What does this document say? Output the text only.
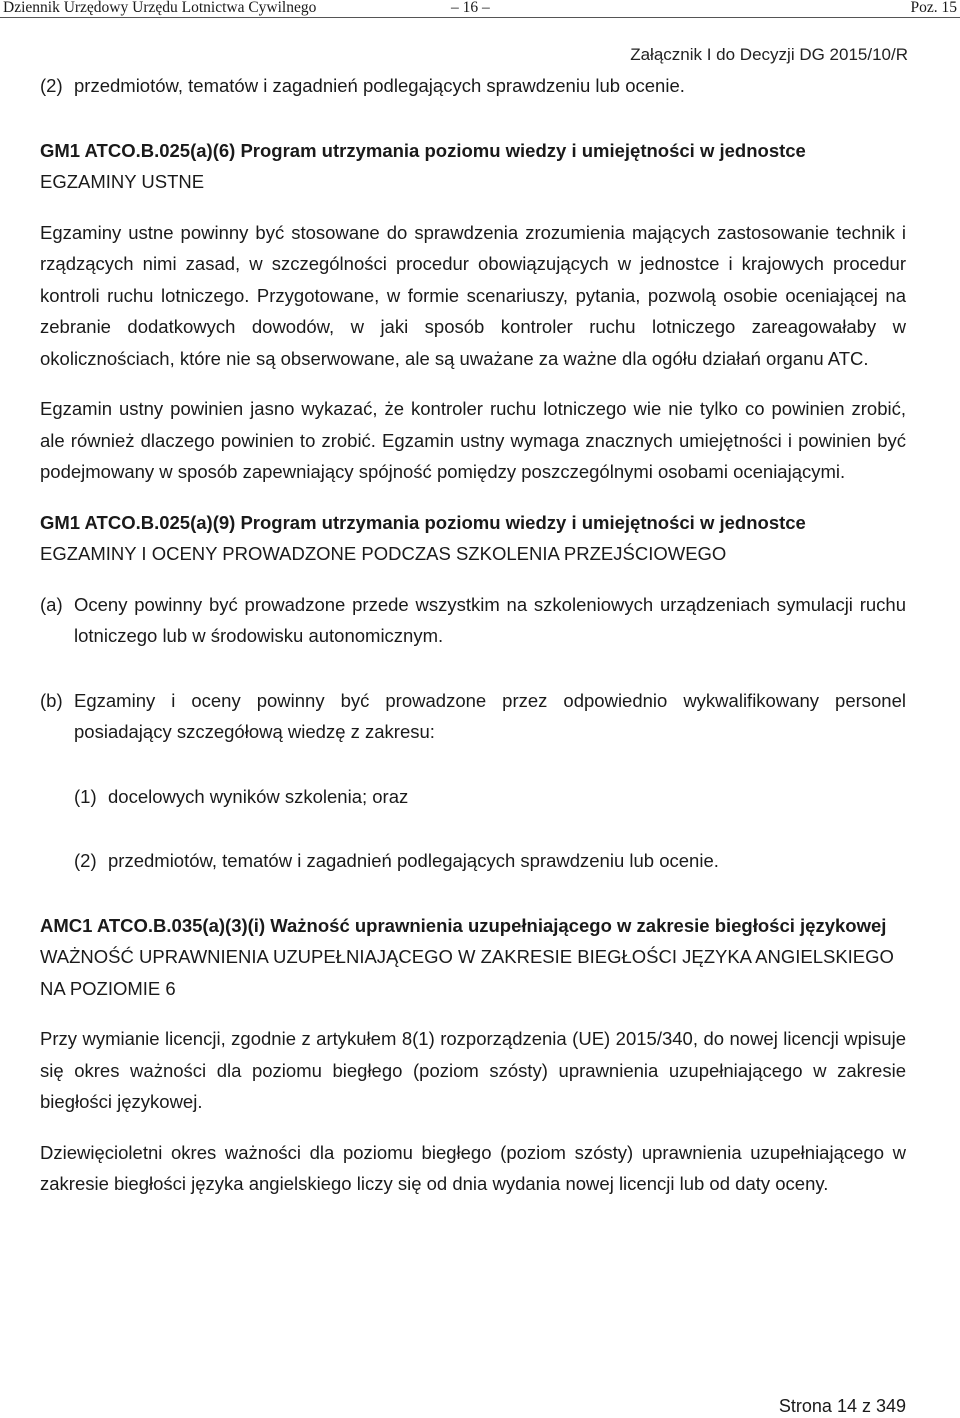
Dziennik Urzędowy Urzędu Lotnictwa Cywilnego	– 16 –	Poz. 15
Załącznik I do Decyzji DG 2015/10/R
(2) przedmiotów, tematów i zagadnień podlegających sprawdzeniu lub ocenie.

GM1 ATCO.B.025(a)(6) Program utrzymania poziomu wiedzy i umiejętności w jednostce

EGZAMINY USTNE

Egzaminy ustne powinny być stosowane do sprawdzenia zrozumienia mających zastosowanie technik i rządzących nimi zasad, w szczególności procedur obowiązujących w jednostce i krajowych procedur kontroli ruchu lotniczego. Przygotowane, w formie scenariuszy, pytania, pozwolą osobie oceniającej na zebranie dodatkowych dowodów, w jaki sposób kontroler ruchu lotniczego zareagowałaby w okolicznościach, które nie są obserwowane, ale są uważane za ważne dla ogółu działań organu ATC.

Egzamin ustny powinien jasno wykazać, że kontroler ruchu lotniczego wie nie tylko co powinien zrobić, ale również dlaczego powinien to zrobić. Egzamin ustny wymaga znacznych umiejętności i powinien być podejmowany w sposób zapewniający spójność pomiędzy poszczególnymi osobami oceniającymi.

GM1 ATCO.B.025(a)(9) Program utrzymania poziomu wiedzy i umiejętności w jednostce

EGZAMINY I OCENY PROWADZONE PODCZAS SZKOLENIA PRZEJŚCIOWEGO

(a) Oceny powinny być prowadzone przede wszystkim na szkoleniowych urządzeniach symulacji ruchu lotniczego lub w środowisku autonomicznym.
(b) Egzaminy i oceny powinny być prowadzone przez odpowiednio wykwalifikowany personel posiadający szczegółową wiedzę z zakresu:
(1) docelowych wyników szkolenia; oraz
(2) przedmiotów, tematów i zagadnień podlegających sprawdzeniu lub ocenie.

AMC1 ATCO.B.035(a)(3)(i) Ważność uprawnienia uzupełniającego w zakresie biegłości językowej

WAŻNOŚĆ UPRAWNIENIA UZUPEŁNIAJĄCEGO W ZAKRESIE BIEGŁOŚCI JĘZYKA ANGIELSKIEGO NA POZIOMIE 6

Przy wymianie licencji, zgodnie z artykułem 8(1) rozporządzenia (UE) 2015/340, do nowej licencji wpisuje się okres ważności dla poziomu biegłego (poziom szósty) uprawnienia uzupełniającego w zakresie biegłości językowej.

Dziewięcioletni okres ważności dla poziomu biegłego (poziom szósty) uprawnienia uzupełniającego w zakresie biegłości języka angielskiego liczy się od dnia wydania nowej licencji lub od daty oceny.

Strona 14 z 349
